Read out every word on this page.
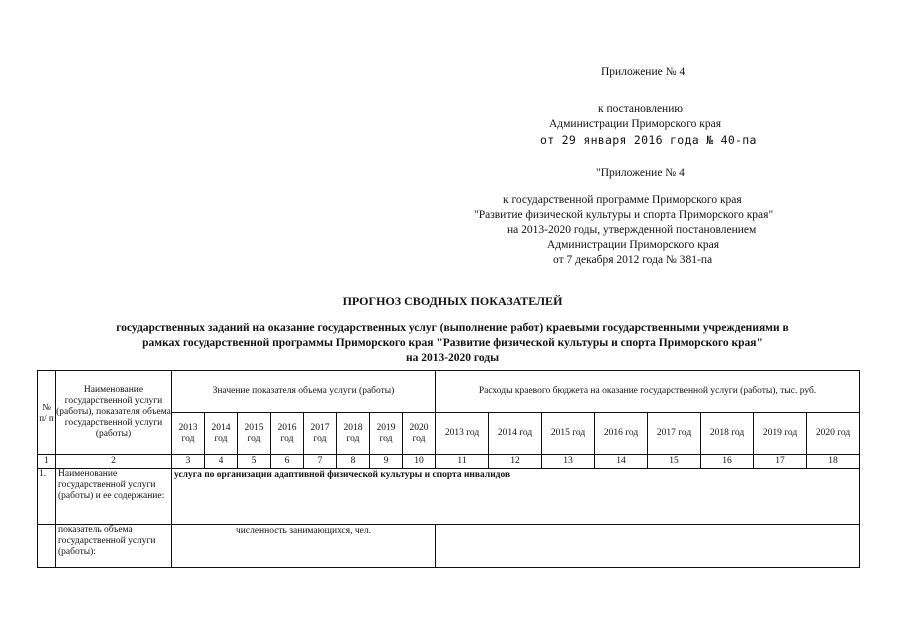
Приложение № 4
к постановлению
Администрации Приморского края
от 29 января 2016 года № 40-па
"Приложение № 4
к государственной программе Приморского края
"Развитие физической культуры и спорта Приморского края"
на 2013-2020 годы, утвержденной постановлением
Администрации Приморского края
от 7 декабря 2012 года № 381-па
ПРОГНОЗ СВОДНЫХ ПОКАЗАТЕЛЕЙ
государственных заданий на оказание государственных услуг (выполнение работ) краевыми государственными учреждениями в
рамках государственной программы Приморского края "Развитие физической культуры и спорта Приморского края"
на 2013-2020 годы
№ п/ п	Наименование государственной услуги (работы), показателя объема государственной услуги (работы)	Значение показателя объема услуги (работы)								Расходы краевого бюджета на оказание государственной услуги (работы), тыс. руб.							
		2013 год	2014 год	2015 год	2016 год	2017 год	2018 год	2019 год	2020 год	2013 год	2014 год	2015 год	2016 год	2017 год	2018 год	2019 год	2020 год
1	2	3	4	5	6	7	8	9	10	11	12	13	14	15	16	17	18
1.	Наименование государственной услуги (работы) и ее содержание:	услуга по организации адаптивной физической культуры и спорта инвалидов															
	показатель объема государственной услуги (работы):	численность занимающихся, чел.															
